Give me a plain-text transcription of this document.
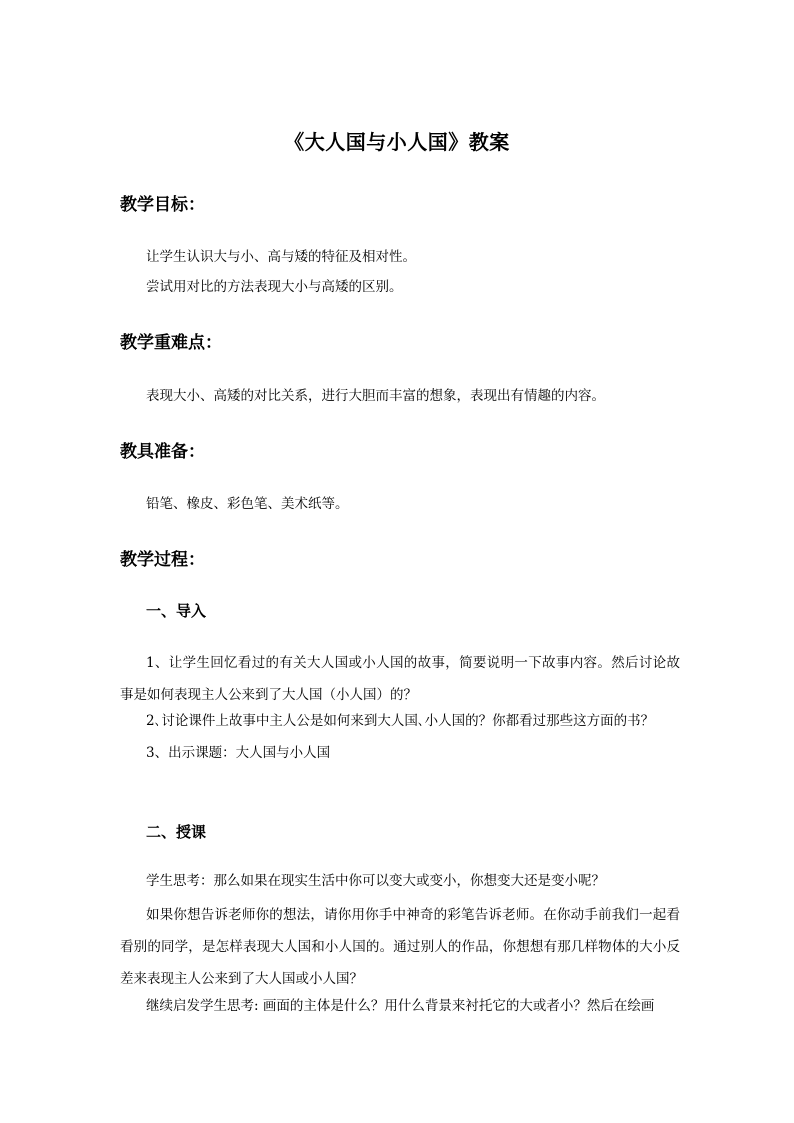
《大人国与小人国》教案
教学目标：
让学生认识大与小、高与矮的特征及相对性。
尝试用对比的方法表现大小与高矮的区别。
教学重难点：
表现大小、高矮的对比关系，进行大胆而丰富的想象，表现出有情趣的内容。
教具准备：
铅笔、橡皮、彩色笔、美术纸等。
教学过程：
一、导入
1、让学生回忆看过的有关大人国或小人国的故事，简要说明一下故事内容。然后讨论故事是如何表现主人公来到了大人国（小人国）的？
2､讨论课件上故事中主人公是如何来到大人国､小人国的？你都看过那些这方面的书？
3、出示课题：大人国与小人国
二、授课
学生思考：那么如果在现实生活中你可以变大或变小，你想变大还是变小呢？
如果你想告诉老师你的想法，请你用你手中神奇的彩笔告诉老师。在你动手前我们一起看看别的同学，是怎样表现大人国和小人国的。通过别人的作品，你想想有那几样物体的大小反差来表现主人公来到了大人国或小人国？
继续启发学生思考: 画面的主体是什么？用什么背景来衬托它的大或者小？然后在绘画
